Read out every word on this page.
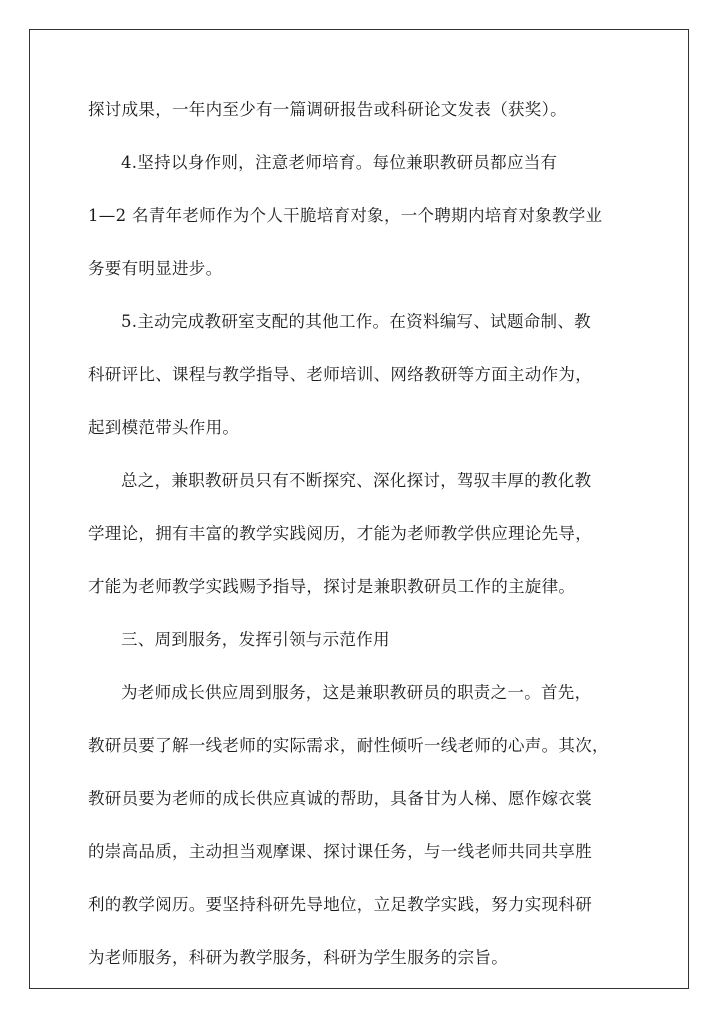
探讨成果，一年内至少有一篇调研报告或科研论文发表（获奖）。
4.坚持以身作则，注意老师培育。每位兼职教研员都应当有
1—2 名青年老师作为个人干脆培育对象，一个聘期内培育对象教学业
务要有明显进步。
5.主动完成教研室支配的其他工作。在资料编写、试题命制、教
科研评比、课程与教学指导、老师培训、网络教研等方面主动作为，
起到模范带头作用。
总之，兼职教研员只有不断探究、深化探讨，驾驭丰厚的教化教
学理论，拥有丰富的教学实践阅历，才能为老师教学供应理论先导，
才能为老师教学实践赐予指导，探讨是兼职教研员工作的主旋律。
三、周到服务，发挥引领与示范作用
为老师成长供应周到服务，这是兼职教研员的职责之一。首先，
教研员要了解一线老师的实际需求，耐性倾听一线老师的心声。其次，
教研员要为老师的成长供应真诚的帮助，具备甘为人梯、愿作嫁衣裳
的崇高品质，主动担当观摩课、探讨课任务，与一线老师共同共享胜
利的教学阅历。要坚持科研先导地位，立足教学实践，努力实现科研
为老师服务，科研为教学服务，科研为学生服务的宗旨。
